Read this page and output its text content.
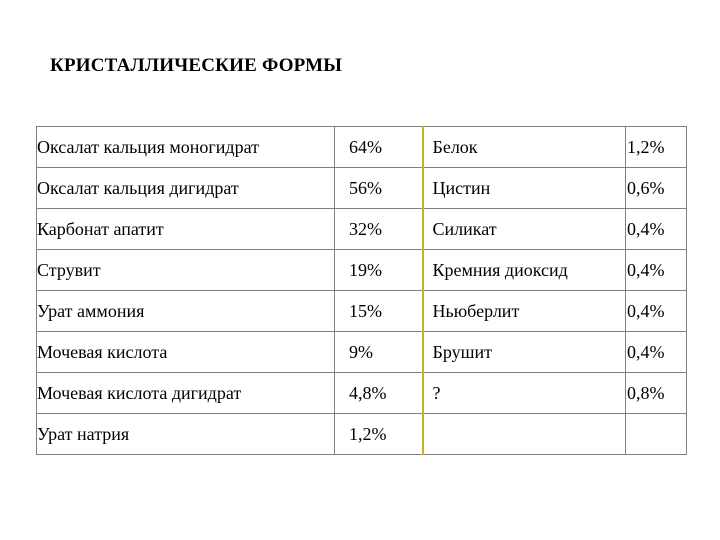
КРИСТАЛЛИЧЕСКИЕ ФОРМЫ
Оксалат кальция моногидрат	64%	Белок	1,2%
Оксалат кальция дигидрат	56%	Цистин	0,6%
Карбонат апатит	32%	Силикат	0,4%
Струвит	19%	Кремния диоксид	0,4%
Урат аммония	15%	Ньюберлит	0,4%
Мочевая кислота	9%	Брушит	0,4%
Мочевая кислота дигидрат	4,8%	?	0,8%
Урат натрия	1,2%		
